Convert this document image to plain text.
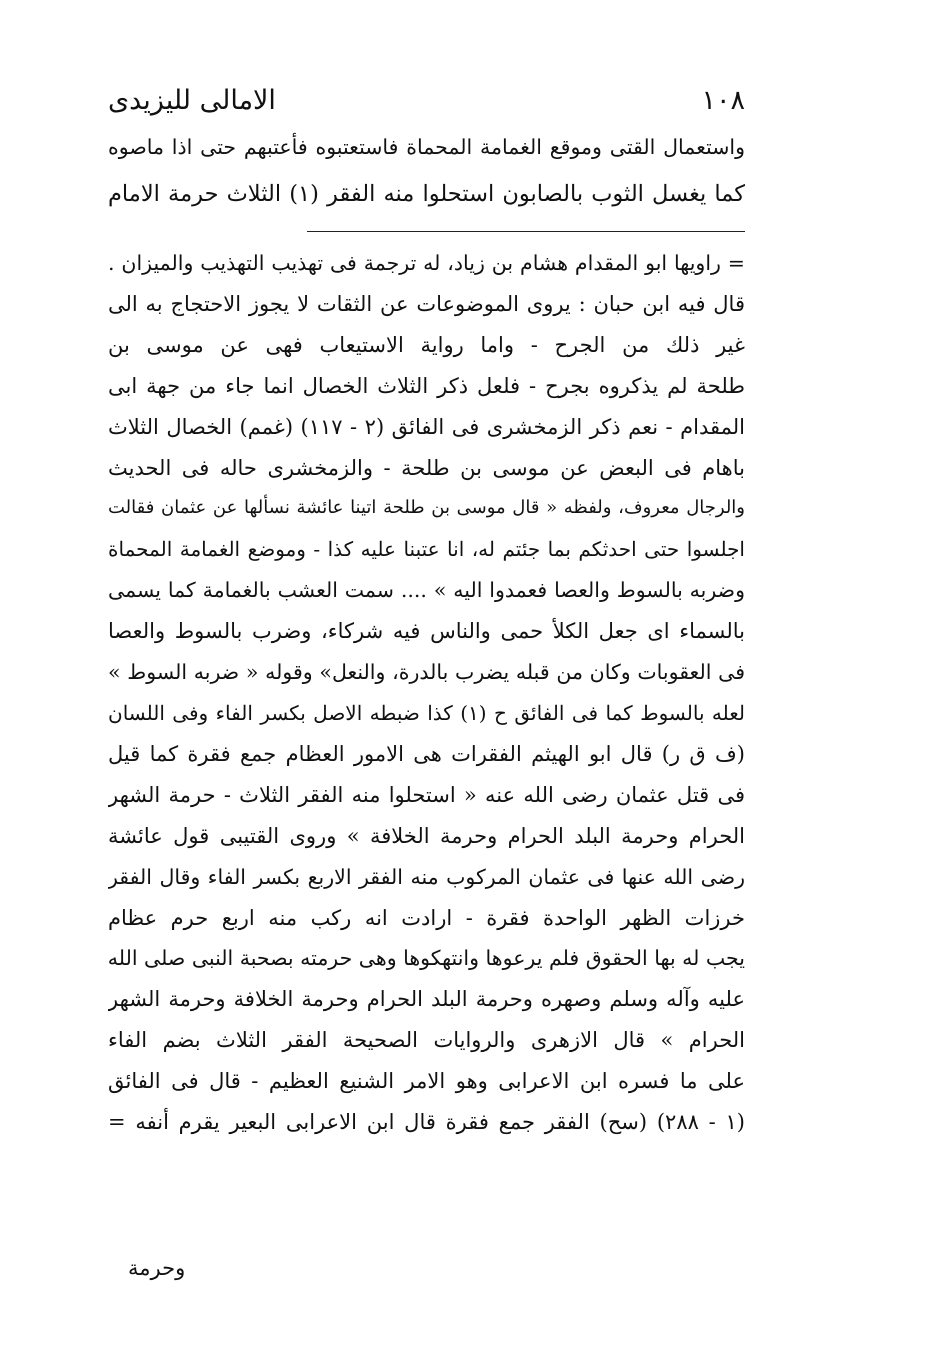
١٠٨
الامالى لليزيدى
واستعمال القتى وموقع الغمامة المحماة فاستعتبوه فأعتبهم حتى اذا ماصوه
كما يغسل الثوب بالصابون استحلوا منه الفقر (١) الثلاث حرمة الامام
= راويها ابو المقدام هشام بن زياد، له ترجمة فى تهذيب التهذيب والميزان .
قال فيه ابن حبان : يروى الموضوعات عن الثقات لا يجوز الاحتجاج به الى
غير ذلك من الجرح - واما رواية الاستيعاب فهى عن موسى بن
طلحة لم يذكروه بجرح - فلعل ذكر الثلاث الخصال انما جاء من جهة ابى
المقدام - نعم ذكر الزمخشرى فى الفائق (٢ - ١١٧) (غمم) الخصال الثلاث
باهام فى البعض عن موسى بن طلحة - والزمخشرى حاله فى الحديث
والرجال معروف، ولفظه « قال موسى بن طلحة اتينا عائشة نسألها عن عثمان فقالت
اجلسوا حتى احدثكم بما جئتم له، انا عتبنا عليه كذا - وموضع الغمامة المحماة
وضربه بالسوط والعصا فعمدوا اليه » .... سمت العشب بالغمامة كما يسمى
بالسماء اى جعل الكلأ حمى والناس فيه شركاء، وضرب بالسوط والعصا
فى العقوبات وكان من قبله يضرب بالدرة، والنعل» وقوله « ضربه السوط »
لعله بالسوط كما فى الفائق ح (١) كذا ضبطه الاصل بكسر الفاء وفى اللسان
(ف ق ر) قال ابو الهيثم الفقرات هى الامور العظام جمع فقرة كما قيل
فى قتل عثمان رضى الله عنه « استحلوا منه الفقر الثلاث - حرمة الشهر
الحرام وحرمة البلد الحرام وحرمة الخلافة » وروى القتيبى قول عائشة
رضى الله عنها فى عثمان المركوب منه الفقر الاربع بكسر الفاء وقال الفقر
خرزات الظهر الواحدة فقرة - ارادت انه ركب منه اربع حرم عظام
يجب له بها الحقوق فلم يرعوها وانتهكوها وهى حرمته بصحبة النبى صلى الله
عليه وآله وسلم وصهره وحرمة البلد الحرام وحرمة الخلافة وحرمة الشهر
الحرام » قال الازهرى والروايات الصحيحة الفقر الثلاث بضم الفاء
على ما فسره ابن الاعرابى وهو الامر الشنيع العظيم - قال فى الفائق
(١ - ٢٨٨) (سح) الفقر جمع فقرة قال ابن الاعرابى البعير يقرم أنفه =
وحرمة
